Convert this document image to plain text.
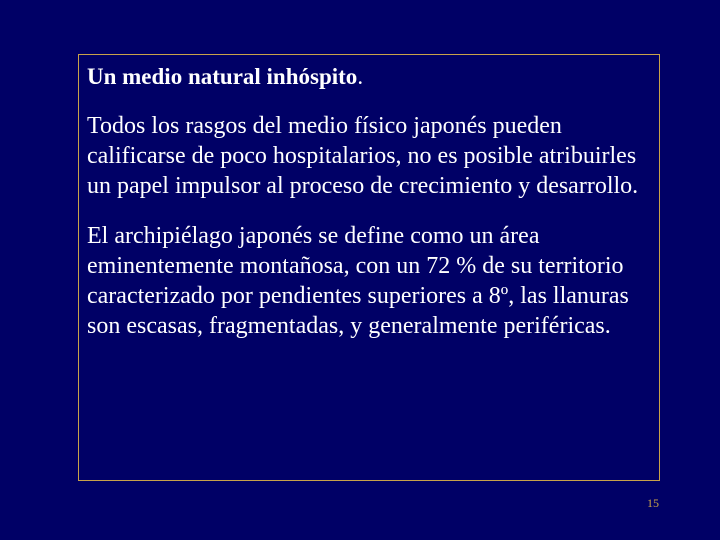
Un medio natural inhóspito.

Todos los rasgos del medio físico japonés pueden calificarse de poco hospitalarios, no es posible atribuirles un papel impulsor al proceso de crecimiento y desarrollo.

El archipiélago japonés se define como un área eminentemente montañosa, con un 72 % de su territorio caracterizado por pendientes superiores a 8º, las llanuras son escasas, fragmentadas, y generalmente periféricas.

15
